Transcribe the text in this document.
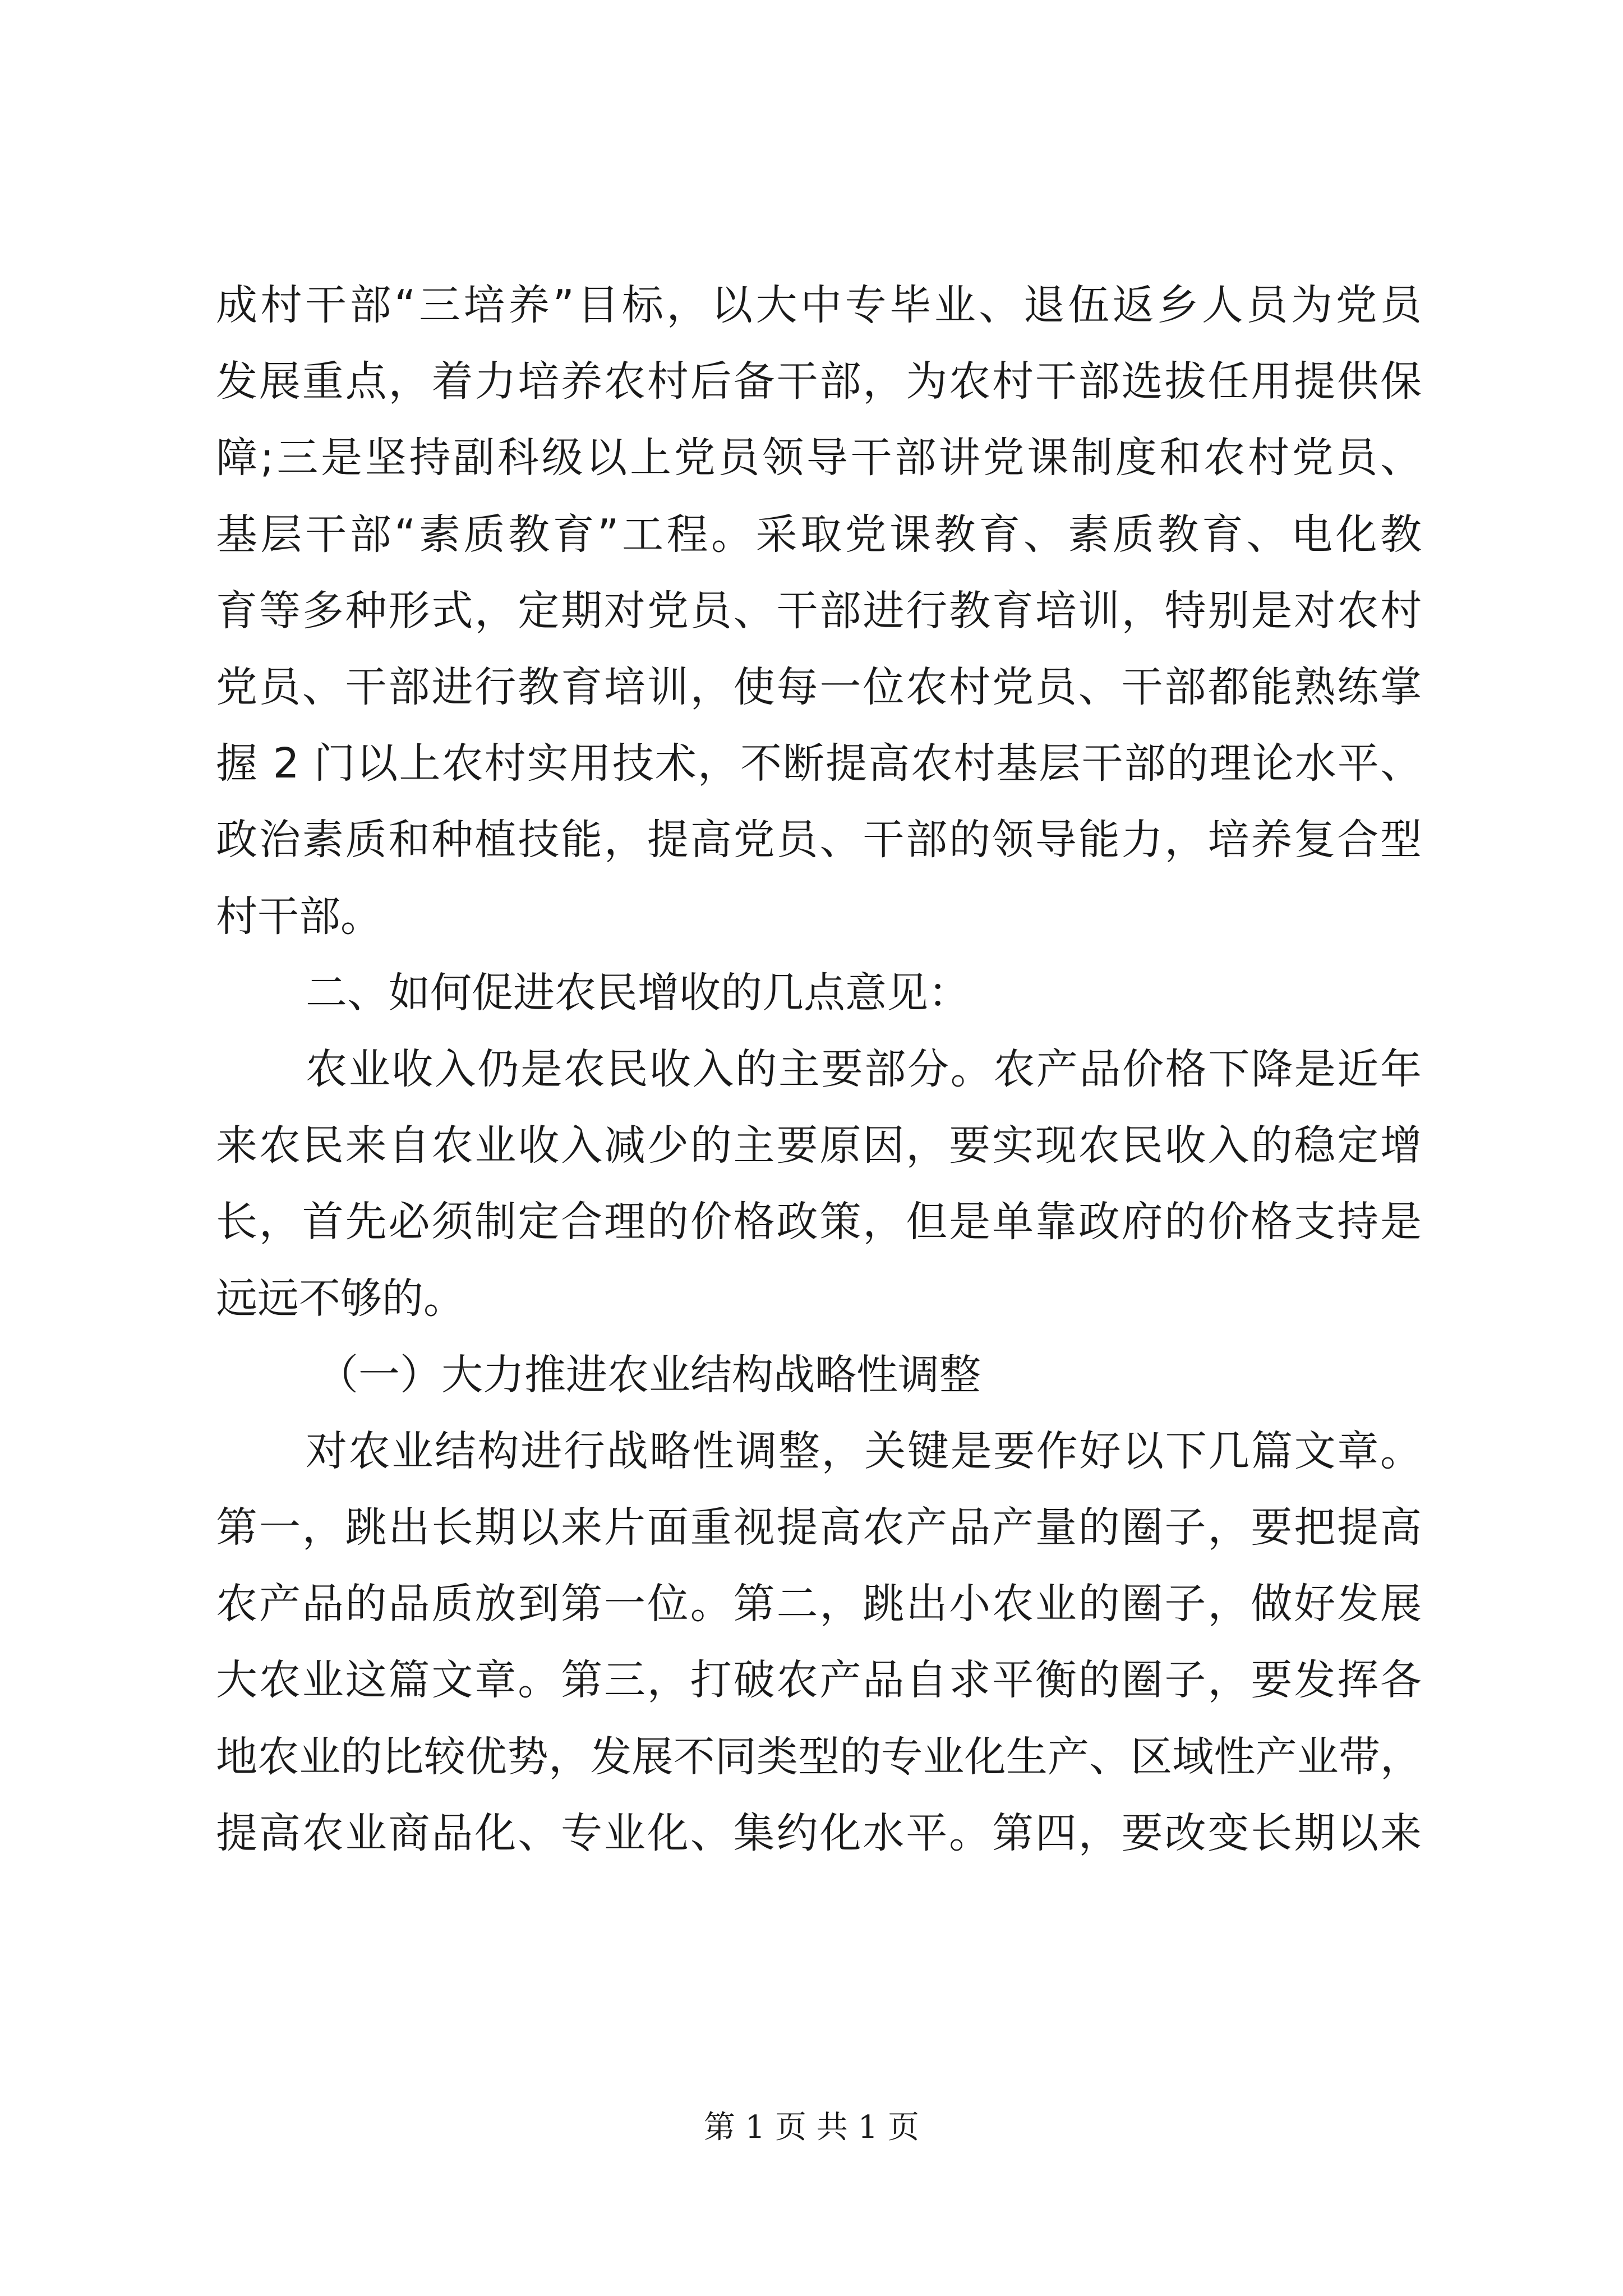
成村干部“三培养”目标，以大中专毕业、退伍返乡人员为党员
发展重点，着力培养农村后备干部，为农村干部选拔任用提供保
障;三是坚持副科级以上党员领导干部讲党课制度和农村党员、
基层干部“素质教育”工程。采取党课教育、素质教育、电化教
育等多种形式，定期对党员、干部进行教育培训，特别是对农村
党员、干部进行教育培训，使每一位农村党员、干部都能熟练掌
握 2 门以上农村实用技术，不断提高农村基层干部的理论水平、
政治素质和种植技能，提高党员、干部的领导能力，培养复合型
村干部。
二、如何促进农民增收的几点意见：
农业收入仍是农民收入的主要部分。农产品价格下降是近年
来农民来自农业收入减少的主要原因，要实现农民收入的稳定增
长，首先必须制定合理的价格政策，但是单靠政府的价格支持是
远远不够的。
（一）大力推进农业结构战略性调整
对农业结构进行战略性调整，关键是要作好以下几篇文章。
第一，跳出长期以来片面重视提高农产品产量的圈子，要把提高
农产品的品质放到第一位。第二，跳出小农业的圈子，做好发展
大农业这篇文章。第三，打破农产品自求平衡的圈子，要发挥各
地农业的比较优势，发展不同类型的专业化生产、区域性产业带，
提高农业商品化、专业化、集约化水平。第四，要改变长期以来
第 1 页 共 1 页
